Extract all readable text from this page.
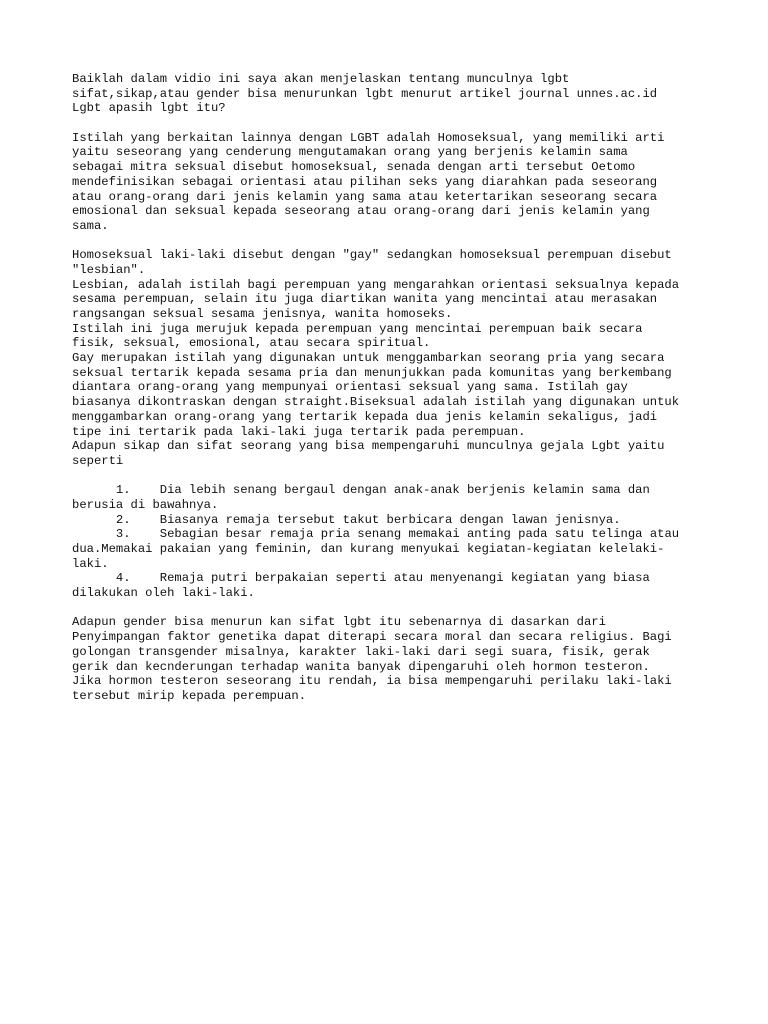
Baiklah dalam vidio ini saya akan menjelaskan tentang munculnya lgbt
sifat,sikap,atau gender bisa menurunkan lgbt menurut artikel journal unnes.ac.id
Lgbt apasih lgbt itu?
Istilah yang berkaitan lainnya dengan LGBT adalah Homoseksual, yang memiliki arti
yaitu seseorang yang cenderung mengutamakan orang yang berjenis kelamin sama
sebagai mitra seksual disebut homoseksual, senada dengan arti tersebut Oetomo
mendefinisikan sebagai orientasi atau pilihan seks yang diarahkan pada seseorang
atau orang-orang dari jenis kelamin yang sama atau ketertarikan seseorang secara
emosional dan seksual kepada seseorang atau orang-orang dari jenis kelamin yang
sama.
Homoseksual laki-laki disebut dengan "gay" sedangkan homoseksual perempuan disebut
"lesbian".
Lesbian, adalah istilah bagi perempuan yang mengarahkan orientasi seksualnya kepada
sesama perempuan, selain itu juga diartikan wanita yang mencintai atau merasakan
rangsangan seksual sesama jenisnya, wanita homoseks.
Istilah ini juga merujuk kepada perempuan yang mencintai perempuan baik secara
fisik, seksual, emosional, atau secara spiritual.
Gay merupakan istilah yang digunakan untuk menggambarkan seorang pria yang secara
seksual tertarik kepada sesama pria dan menunjukkan pada komunitas yang berkembang
diantara orang-orang yang mempunyai orientasi seksual yang sama. Istilah gay
biasanya dikontraskan dengan straight.Biseksual adalah istilah yang digunakan untuk
menggambarkan orang-orang yang tertarik kepada dua jenis kelamin sekaligus, jadi
tipe ini tertarik pada laki-laki juga tertarik pada perempuan.
Adapun sikap dan sifat seorang yang bisa mempengaruhi munculnya gejala Lgbt yaitu
seperti
1. Dia lebih senang bergaul dengan anak-anak berjenis kelamin sama dan
berusia di bawahnya.
2. Biasanya remaja tersebut takut berbicara dengan lawan jenisnya.
3. Sebagian besar remaja pria senang memakai anting pada satu telinga atau
dua.Memakai pakaian yang feminin, dan kurang menyukai kegiatan-kegiatan kelelaki-
laki.
4. Remaja putri berpakaian seperti atau menyenangi kegiatan yang biasa
dilakukan oleh laki-laki.
Adapun gender bisa menurun kan sifat lgbt itu sebenarnya di dasarkan dari
Penyimpangan faktor genetika dapat diterapi secara moral dan secara religius. Bagi
golongan transgender misalnya, karakter laki-laki dari segi suara, fisik, gerak
gerik dan kecnderungan terhadap wanita banyak dipengaruhi oleh hormon testeron.
Jika hormon testeron seseorang itu rendah, ia bisa mempengaruhi perilaku laki-laki
tersebut mirip kepada perempuan.
